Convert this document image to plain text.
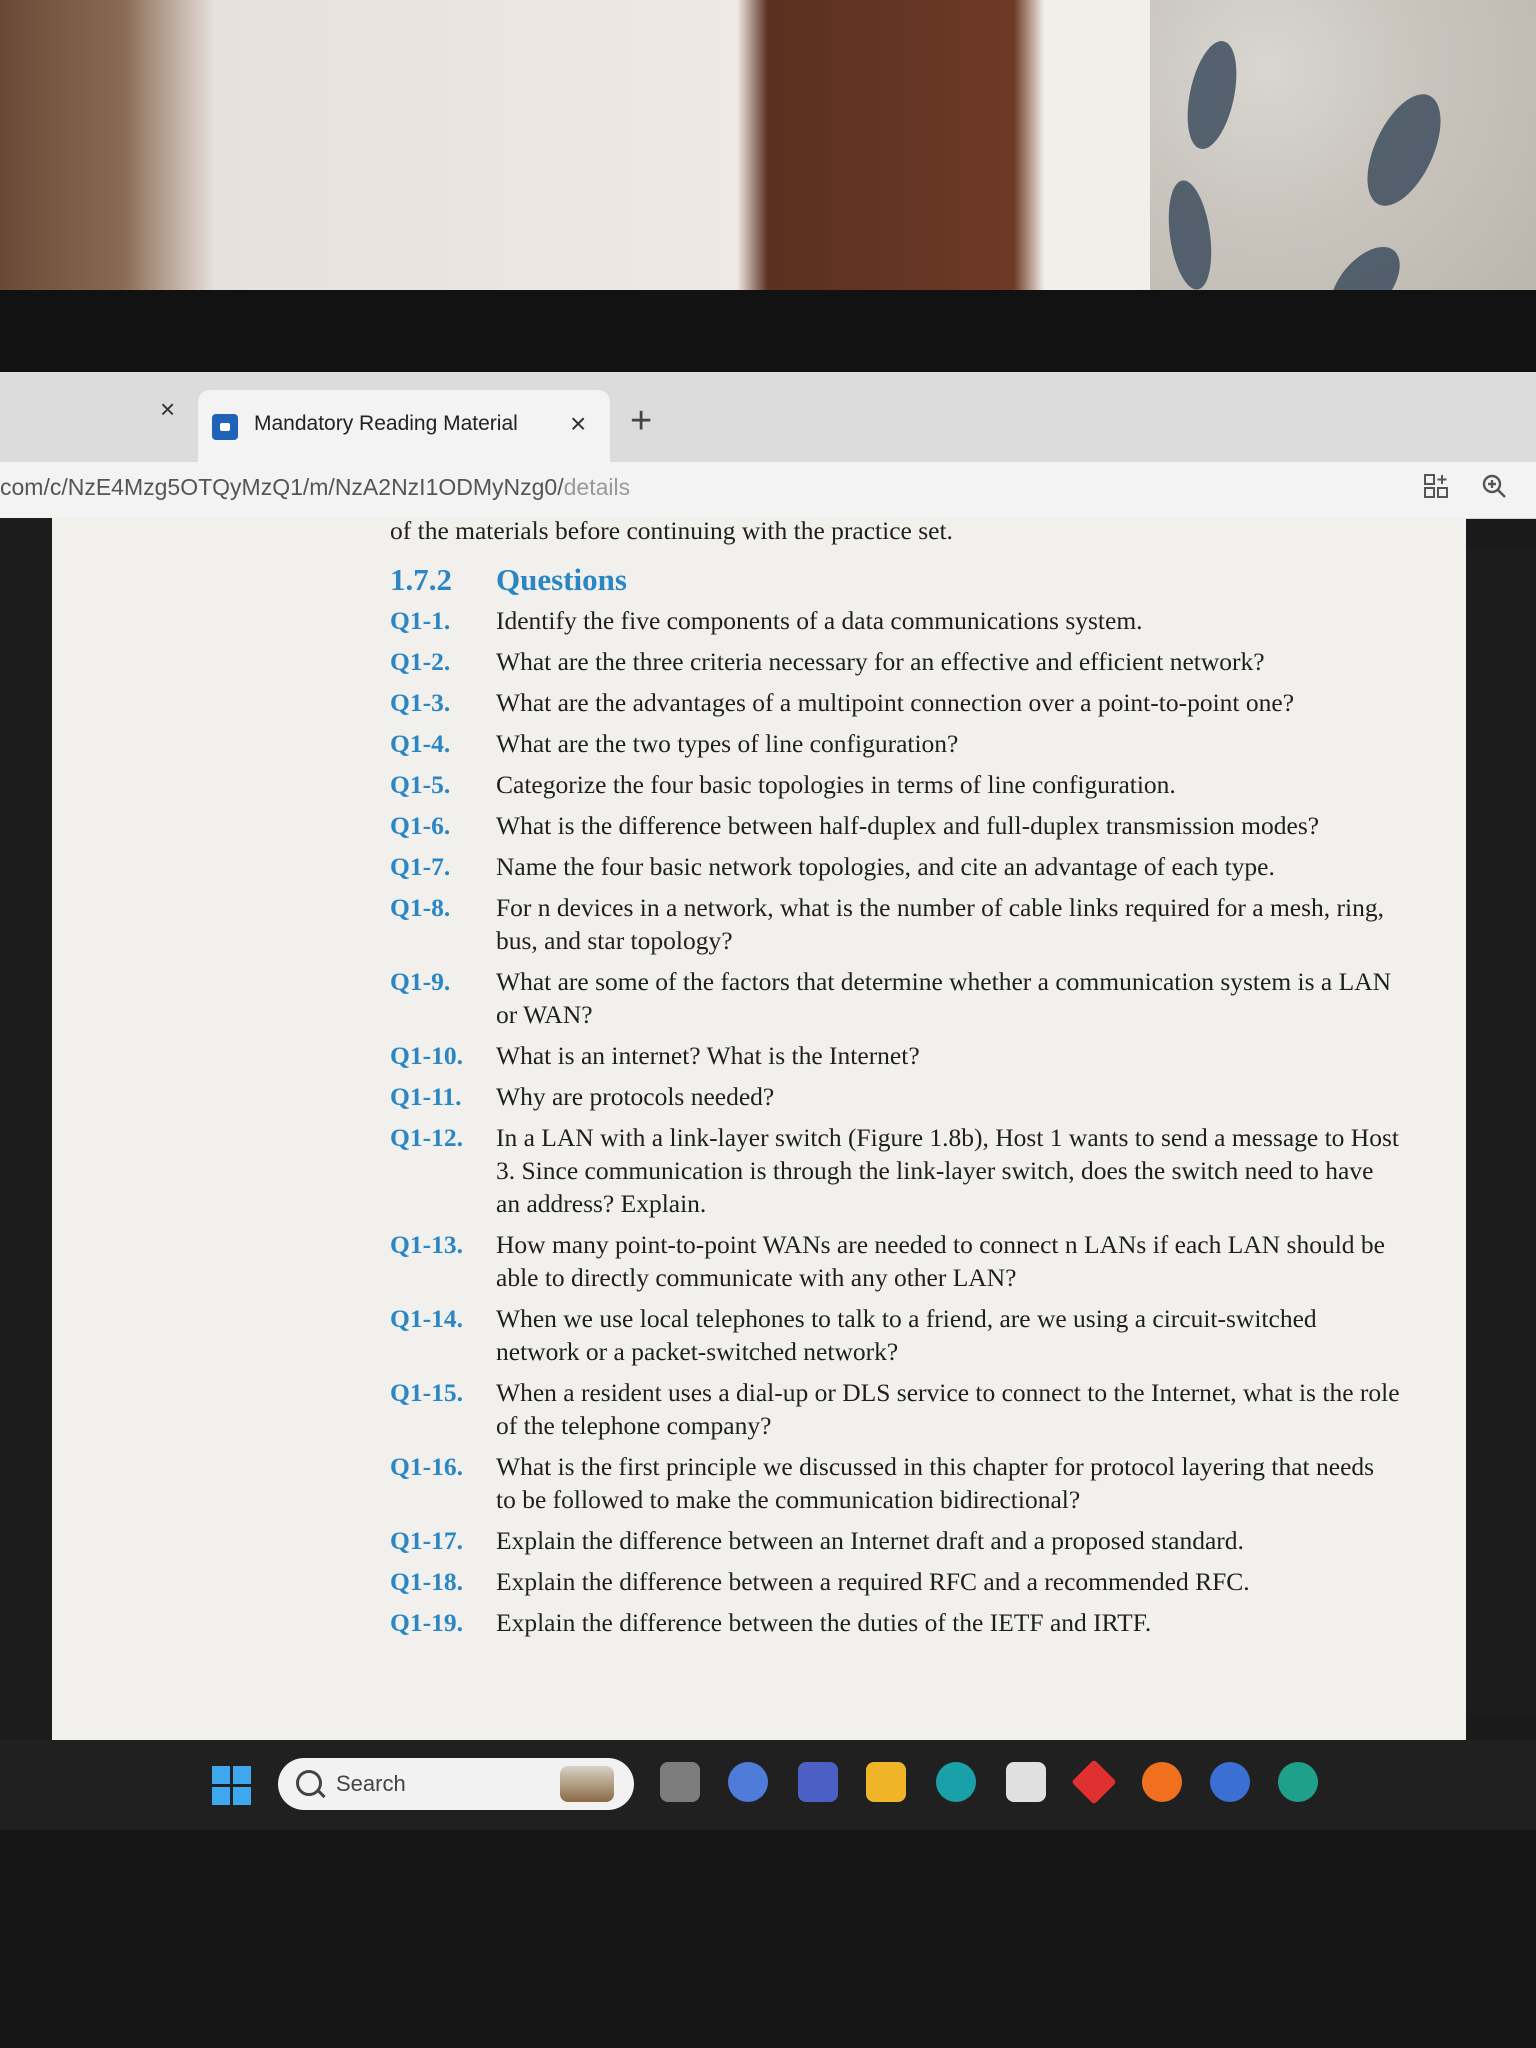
×	Mandatory Reading Material × +
com/c/NzE4Mzg5OTQyMzQ1/m/NzA2NzI1ODMyNzg0/details

of the materials before continuing with the practice set.

1.7.2	Questions
Q1-1.	Identify the five components of a data communications system.
Q1-2.	What are the three criteria necessary for an effective and efficient network?
Q1-3.	What are the advantages of a multipoint connection over a point-to-point one?
Q1-4.	What are the two types of line configuration?
Q1-5.	Categorize the four basic topologies in terms of line configuration.
Q1-6.	What is the difference between half-duplex and full-duplex transmission modes?
Q1-7.	Name the four basic network topologies, and cite an advantage of each type.
Q1-8.	For n devices in a network, what is the number of cable links required for a mesh, ring, bus, and star topology?
Q1-9.	What are some of the factors that determine whether a communication system is a LAN or WAN?
Q1-10.	What is an internet? What is the Internet?
Q1-11.	Why are protocols needed?
Q1-12.	In a LAN with a link-layer switch (Figure 1.8b), Host 1 wants to send a message to Host 3. Since communication is through the link-layer switch, does the switch need to have an address? Explain.
Q1-13.	How many point-to-point WANs are needed to connect n LANs if each LAN should be able to directly communicate with any other LAN?
Q1-14.	When we use local telephones to talk to a friend, are we using a circuit-switched network or a packet-switched network?
Q1-15.	When a resident uses a dial-up or DLS service to connect to the Internet, what is the role of the telephone company?
Q1-16.	What is the first principle we discussed in this chapter for protocol layering that needs to be followed to make the communication bidirectional?
Q1-17.	Explain the difference between an Internet draft and a proposed standard.
Q1-18.	Explain the difference between a required RFC and a recommended RFC.
Q1-19.	Explain the difference between the duties of the IETF and IRTF.
Search
